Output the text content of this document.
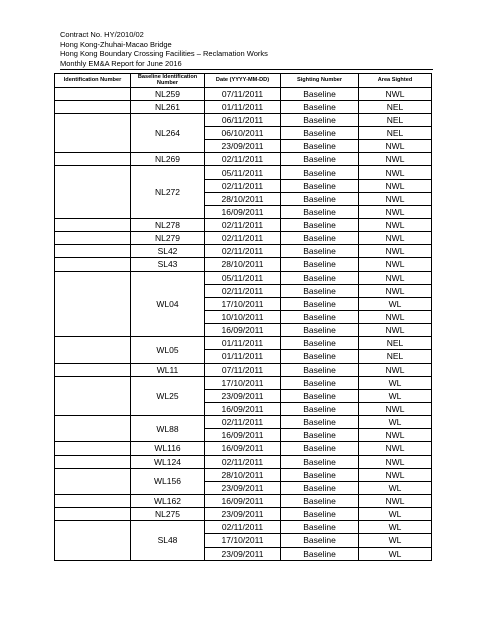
Contract No. HY/2010/02
Hong Kong-Zhuhai-Macao Bridge
Hong Kong Boundary Crossing Facilities – Reclamation Works
Monthly EM&A Report for June 2016
Identification Number	Baseline Identification Number	Date (YYYY-MM-DD)	Sighting Number	Area Sighted
	NL259	07/11/2011	Baseline	NWL
	NL261	01/11/2011	Baseline	NEL
	NL264	06/11/2011	Baseline	NEL
		06/10/2011	Baseline	NEL
		23/09/2011	Baseline	NWL
	NL269	02/11/2011	Baseline	NWL
	NL272	05/11/2011	Baseline	NWL
		02/11/2011	Baseline	NWL
		28/10/2011	Baseline	NWL
		16/09/2011	Baseline	NWL
	NL278	02/11/2011	Baseline	NWL
	NL279	02/11/2011	Baseline	NWL
	SL42	02/11/2011	Baseline	NWL
	SL43	28/10/2011	Baseline	NWL
	WL04	05/11/2011	Baseline	NWL
		02/11/2011	Baseline	NWL
		17/10/2011	Baseline	WL
		10/10/2011	Baseline	NWL
		16/09/2011	Baseline	NWL
	WL05	01/11/2011	Baseline	NEL
		01/11/2011	Baseline	NEL
	WL11	07/11/2011	Baseline	NWL
	WL25	17/10/2011	Baseline	WL
		23/09/2011	Baseline	WL
		16/09/2011	Baseline	NWL
	WL88	02/11/2011	Baseline	WL
		16/09/2011	Baseline	NWL
	WL116	16/09/2011	Baseline	NWL
	WL124	02/11/2011	Baseline	NWL
	WL156	28/10/2011	Baseline	NWL
		23/09/2011	Baseline	WL
	WL162	16/09/2011	Baseline	NWL
	NL275	23/09/2011	Baseline	WL
	SL48	02/11/2011	Baseline	WL
		17/10/2011	Baseline	WL
		23/09/2011	Baseline	WL
